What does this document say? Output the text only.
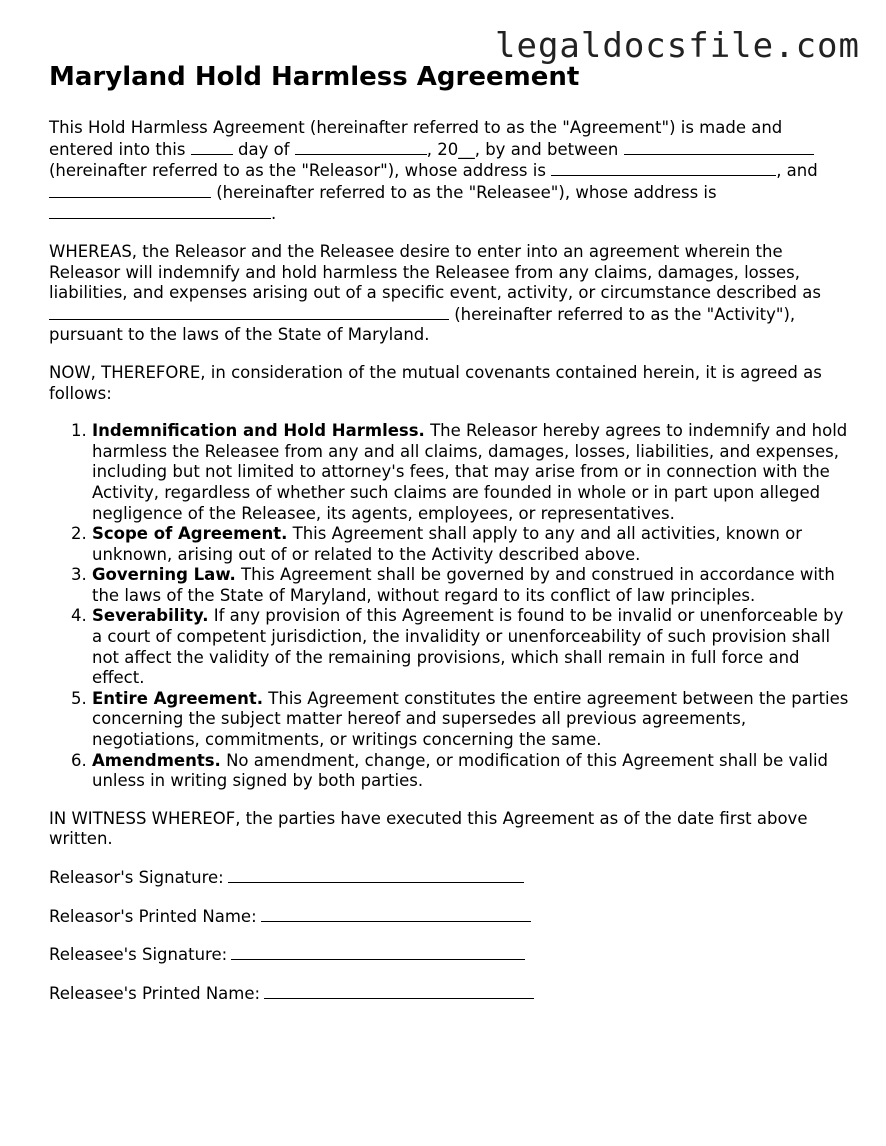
legaldocsfile.com
Maryland Hold Harmless Agreement

This Hold Harmless Agreement (hereinafter referred to as the "Agreement") is made and entered into this	day of	, 20__, by and between  (hereinafter referred to as the "Releasor"), whose address is	, and  (hereinafter referred to as the "Releasee"), whose address is .

WHEREAS, the Releasor and the Releasee desire to enter into an agreement wherein the Releasor will indemnify and hold harmless the Releasee from any claims, damages, losses, liabilities, and expenses arising out of a specific event, activity, or circumstance described as  (hereinafter referred to as the "Activity"), pursuant to the laws of the State of Maryland.

NOW, THEREFORE, in consideration of the mutual covenants contained herein, it is agreed as follows:

1. Indemnification and Hold Harmless. The Releasor hereby agrees to indemnify and hold harmless the Releasee from any and all claims, damages, losses, liabilities, and expenses, including but not limited to attorney's fees, that may arise from or in connection with the Activity, regardless of whether such claims are founded in whole or in part upon alleged negligence of the Releasee, its agents, employees, or representatives.
2. Scope of Agreement. This Agreement shall apply to any and all activities, known or unknown, arising out of or related to the Activity described above.
3. Governing Law. This Agreement shall be governed by and construed in accordance with the laws of the State of Maryland, without regard to its conflict of law principles.
4. Severability. If any provision of this Agreement is found to be invalid or unenforceable by a court of competent jurisdiction, the invalidity or unenforceability of such provision shall not affect the validity of the remaining provisions, which shall remain in full force and effect.
5. Entire Agreement. This Agreement constitutes the entire agreement between the parties concerning the subject matter hereof and supersedes all previous agreements, negotiations, commitments, or writings concerning the same.
6. Amendments. No amendment, change, or modification of this Agreement shall be valid unless in writing signed by both parties.

IN WITNESS WHEREOF, the parties have executed this Agreement as of the date first above written.

Releasor's Signature:
Releasor's Printed Name:
Releasee's Signature:
Releasee's Printed Name:
